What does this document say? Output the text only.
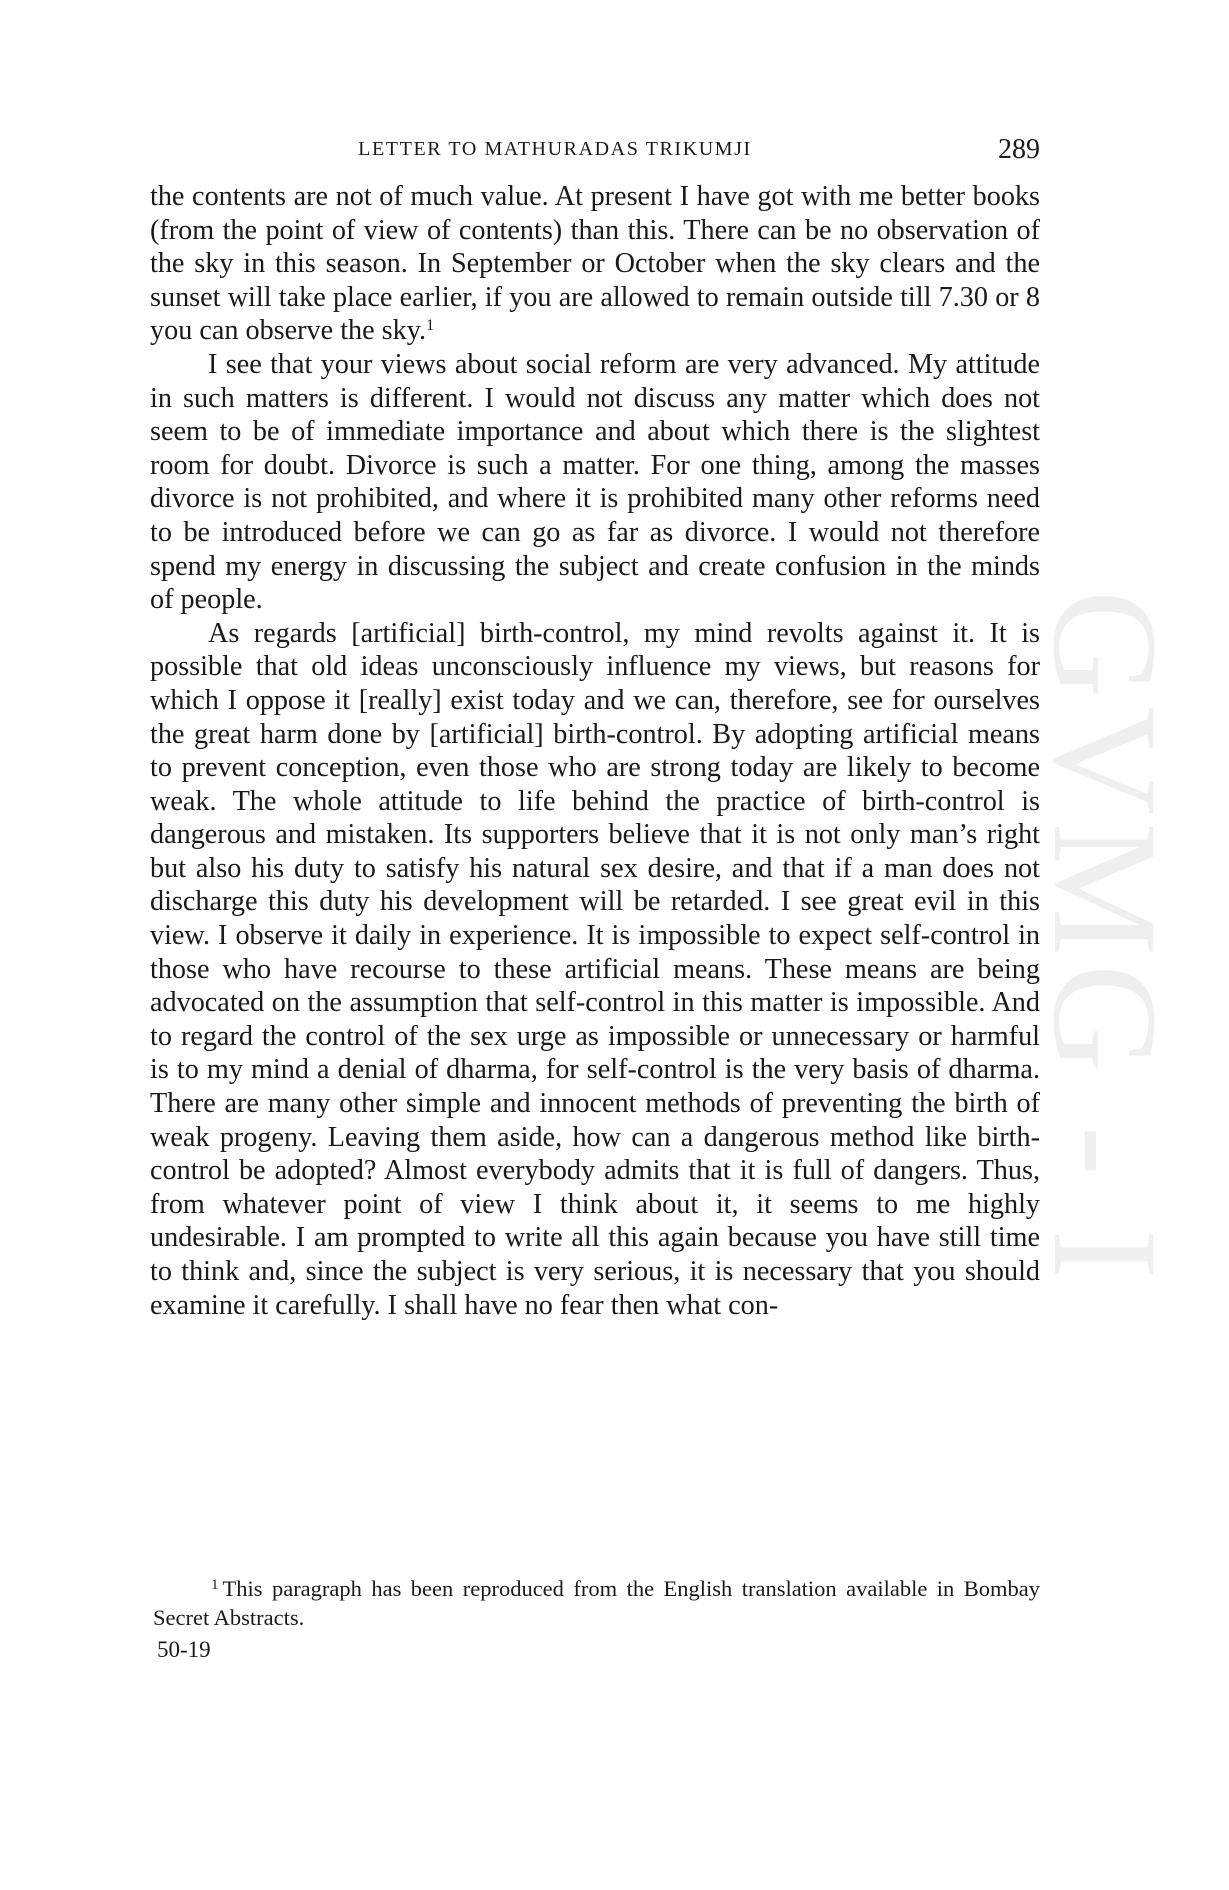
GVMG - I
LETTER TO MATHURADAS TRIKUMJI	289

the contents are not of much value. At present I have got with me better books (from the point of view of contents) than this. There can be no observation of the sky in this season. In September or October when the sky clears and the sunset will take place earlier, if you are allowed to remain outside till 7.30 or 8 you can observe the sky.$^1$

I see that your views about social reform are very advanced. My attitude in such matters is different. I would not discuss any matter which does not seem to be of immediate importance and about which there is the slightest room for doubt. Divorce is such a matter. For one thing, among the masses divorce is not prohibited, and where it is prohibited many other reforms need to be introduced before we can go as far as divorce. I would not therefore spend my energy in discussing the subject and create confusion in the minds of people.

As regards [artificial] birth-control, my mind revolts against it. It is possible that old ideas unconsciously influence my views, but reasons for which I oppose it [really] exist today and we can, therefore, see for ourselves the great harm done by [artificial] birth-control. By adopting artificial means to prevent conception, even those who are strong today are likely to become weak. The whole attitude to life behind the practice of birth-control is dangerous and mistaken. Its supporters believe that it is not only man’s right but also his duty to satisfy his natural sex desire, and that if a man does not discharge this duty his development will be retarded. I see great evil in this view. I observe it daily in experience. It is impossible to expect self-control in those who have recourse to these artificial means. These means are being advocated on the assumption that self-control in this matter is impossible. And to regard the control of the sex urge as impossible or unnecessary or harmful is to my mind a denial of dharma, for self-control is the very basis of dharma. There are many other simple and innocent methods of preventing the birth of weak progeny. Leaving them aside, how can a dangerous method like birth-control be adopted? Almost everybody admits that it is full of dangers. Thus, from whatever point of view I think about it, it seems to me highly undesirable. I am prompted to write all this again because you have still time to think and, since the subject is very serious, it is necessary that you should examine it carefully. I shall have no fear then what con-

$^1$ This paragraph has been reproduced from the English translation available in Bombay Secret Abstracts.

50-19
